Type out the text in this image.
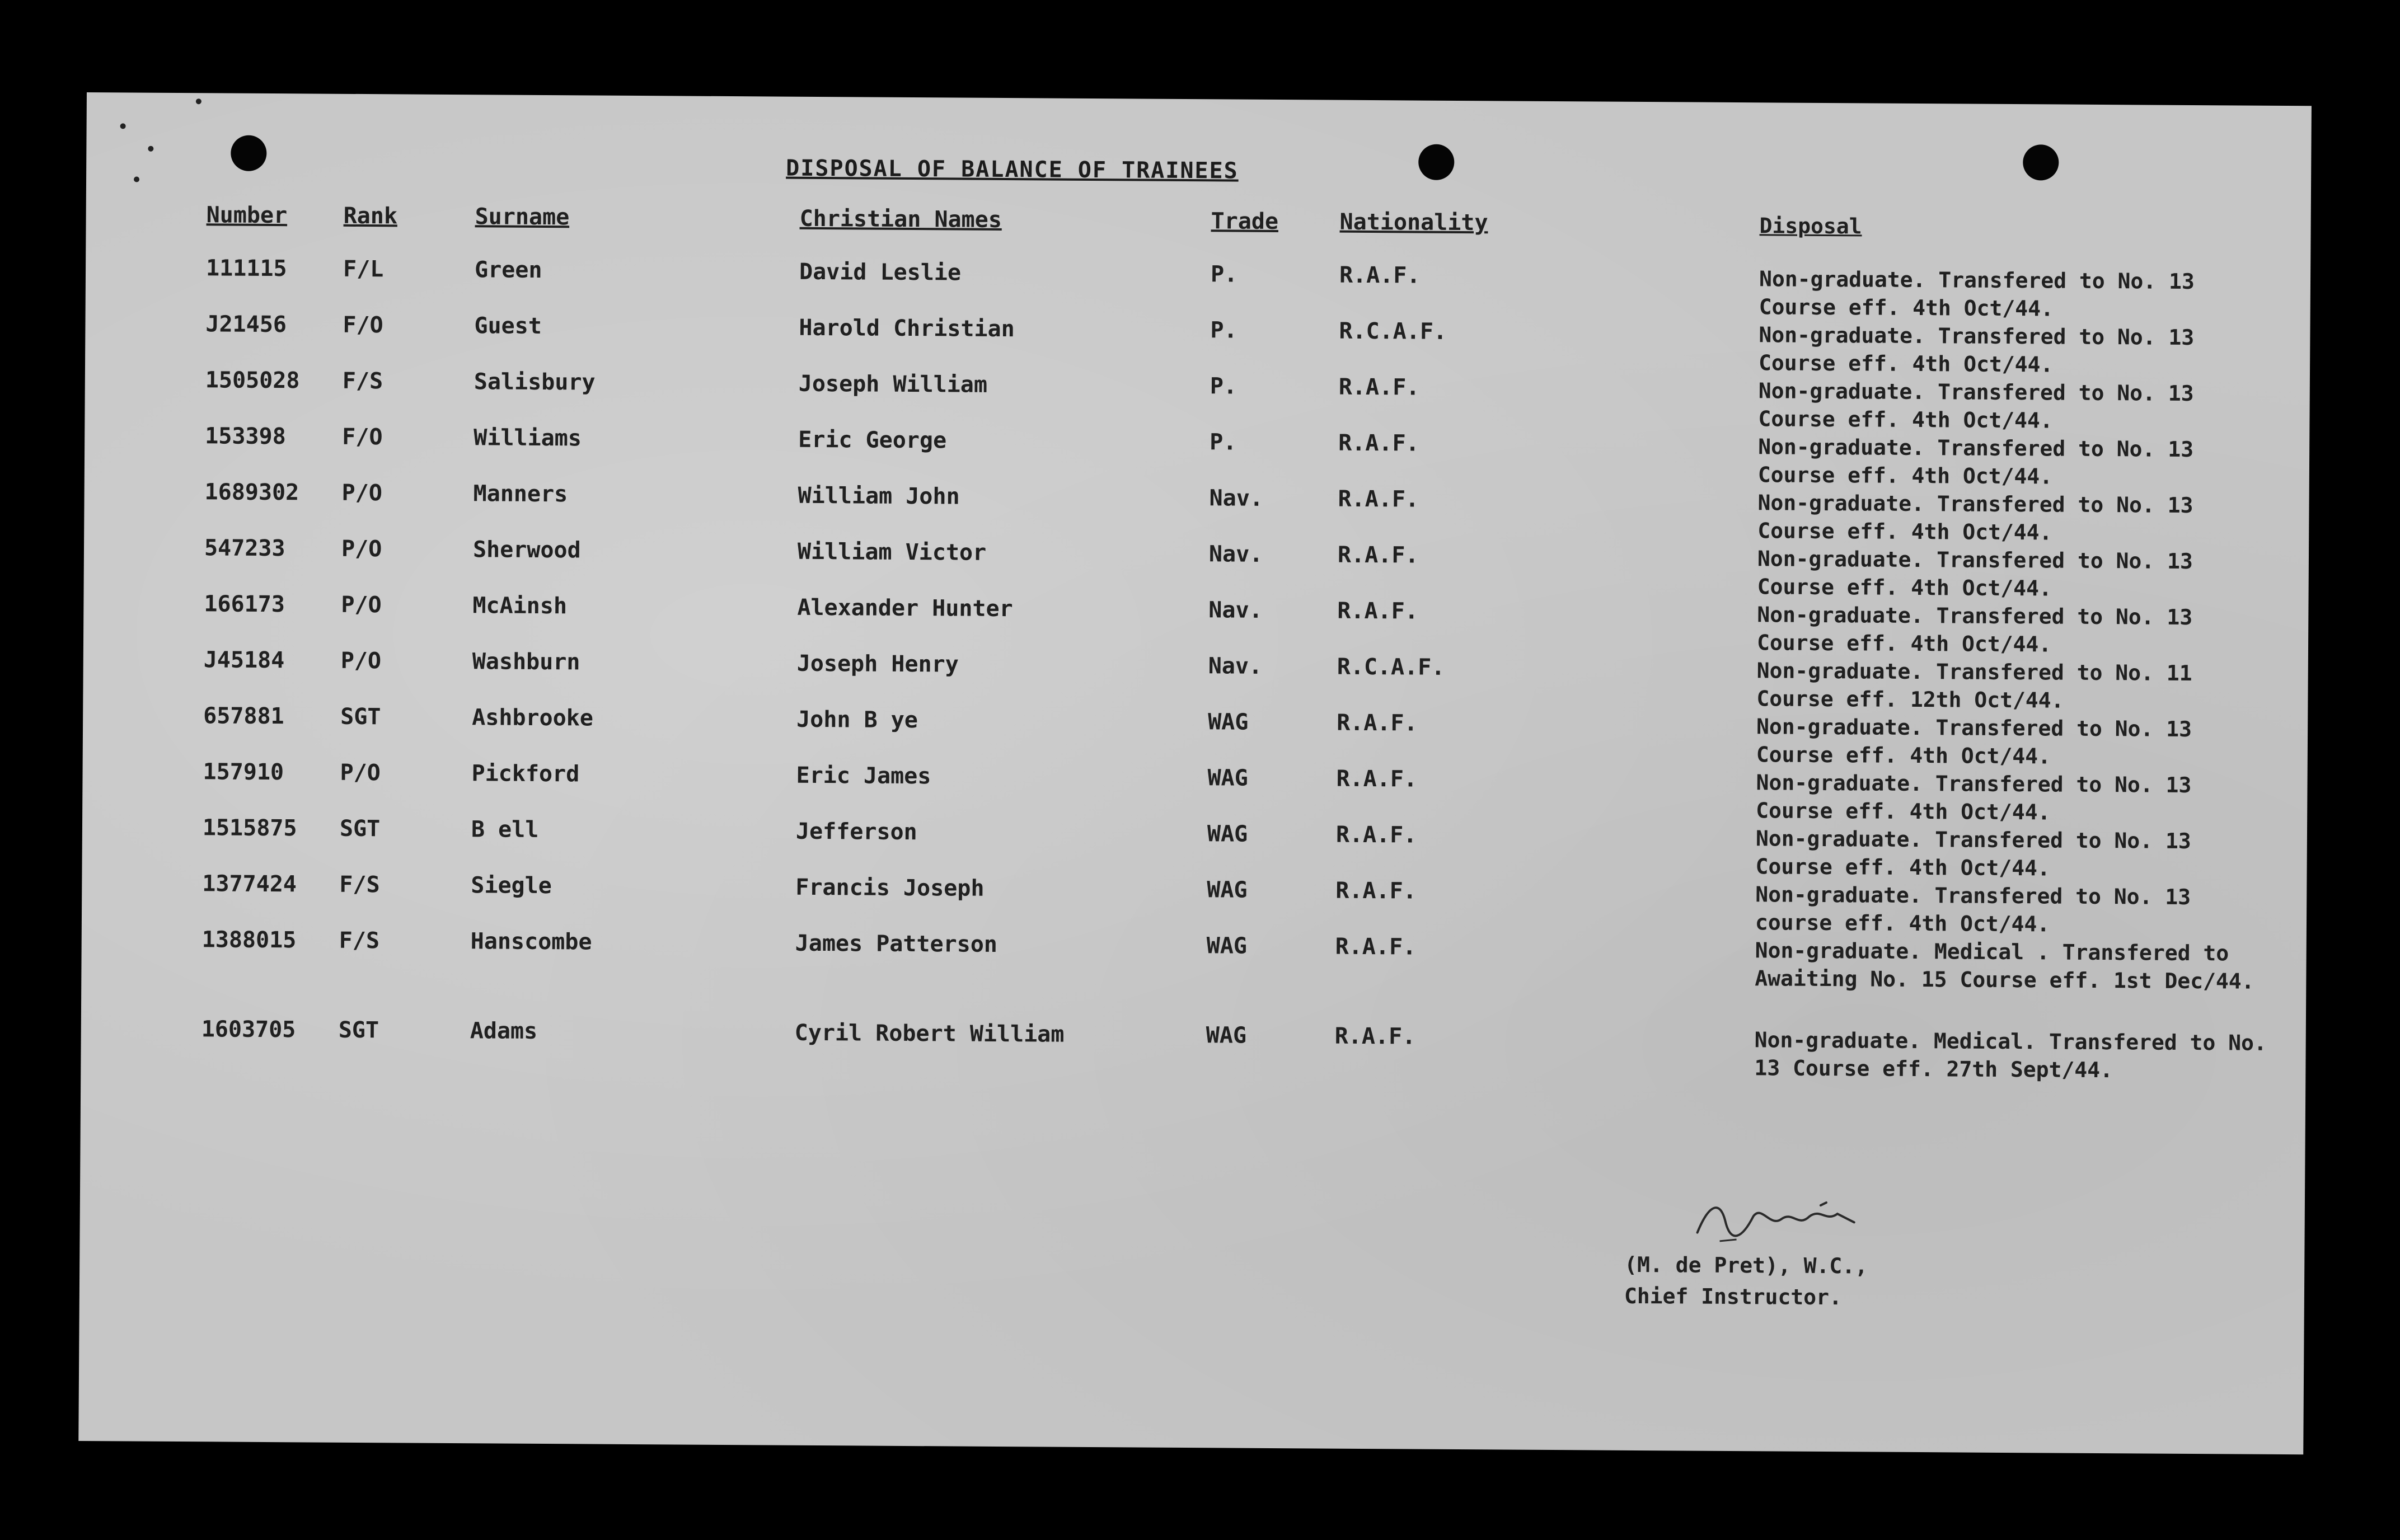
DISPOSAL OF BALANCE OF TRAINEES
Number	Rank	Surname	Christian Names	Trade	Nationality	Disposal
111115	F/L	Green	David Leslie	P.	R.A.F.	Non-graduate. Transfered to No. 13 Course eff. 4th Oct/44.
J21456	F/O	Guest	Harold Christian	P.	R.C.A.F.	Non-graduate. Transfered to No. 13 Course eff. 4th Oct/44.
1505028 F/S	Salisbury	Joseph William	P.	R.A.F.	Non-graduate. Transfered to No. 13 Course eff. 4th Oct/44.
153398	F/O	Williams	Eric George	P.	R.A.F.	Non-graduate. Transfered to No. 13 Course eff. 4th Oct/44.
1689302 P/O	Manners	William John	Nav.	R.A.F.	Non-graduate. Transfered to No. 13 Course eff. 4th Oct/44.
547233	P/O	Sherwood	William Victor	Nav.	R.A.F.	Non-graduate. Transfered to No. 13 Course eff. 4th Oct/44.
166173	P/O	McAinsh	Alexander Hunter	Nav.	R.A.F.	Non-graduate. Transfered to No. 13 Course eff. 4th Oct/44.
J45184	P/O	Washburn	Joseph Henry	Nav.	R.C.A.F.	Non-graduate. Transfered to No. 11 Course eff. 12th Oct/44.
657881	SGT	Ashbrooke	John B ye	WAG	R.A.F.	Non-graduate. Transfered to No. 13 Course eff. 4th Oct/44.
157910	P/O	Pickford	Eric James	WAG	R.A.F.	Non-graduate. Transfered to No. 13 Course eff. 4th Oct/44.
1515875 SGT	B ell	Jefferson	WAG	R.A.F.	Non-graduate. Transfered to No. 13 Course eff. 4th Oct/44.
1377424 F/S	Siegle	Francis Joseph	WAG	R.A.F.	Non-graduate. Transfered to No. 13 course eff. 4th Oct/44.
1388015 F/S	Hanscombe	James Patterson	WAG	R.A.F.	Non-graduate. Medical . Transfered to Awaiting No. 15 Course eff. 1st Dec/44.
1603705 SGT	Adams	Cyril Robert William	WAG	R.A.F.	Non-graduate. Medical. Transfered to No. 13 Course eff. 27th Sept/44.
(M. de Pret), W.C.,
Chief Instructor.
